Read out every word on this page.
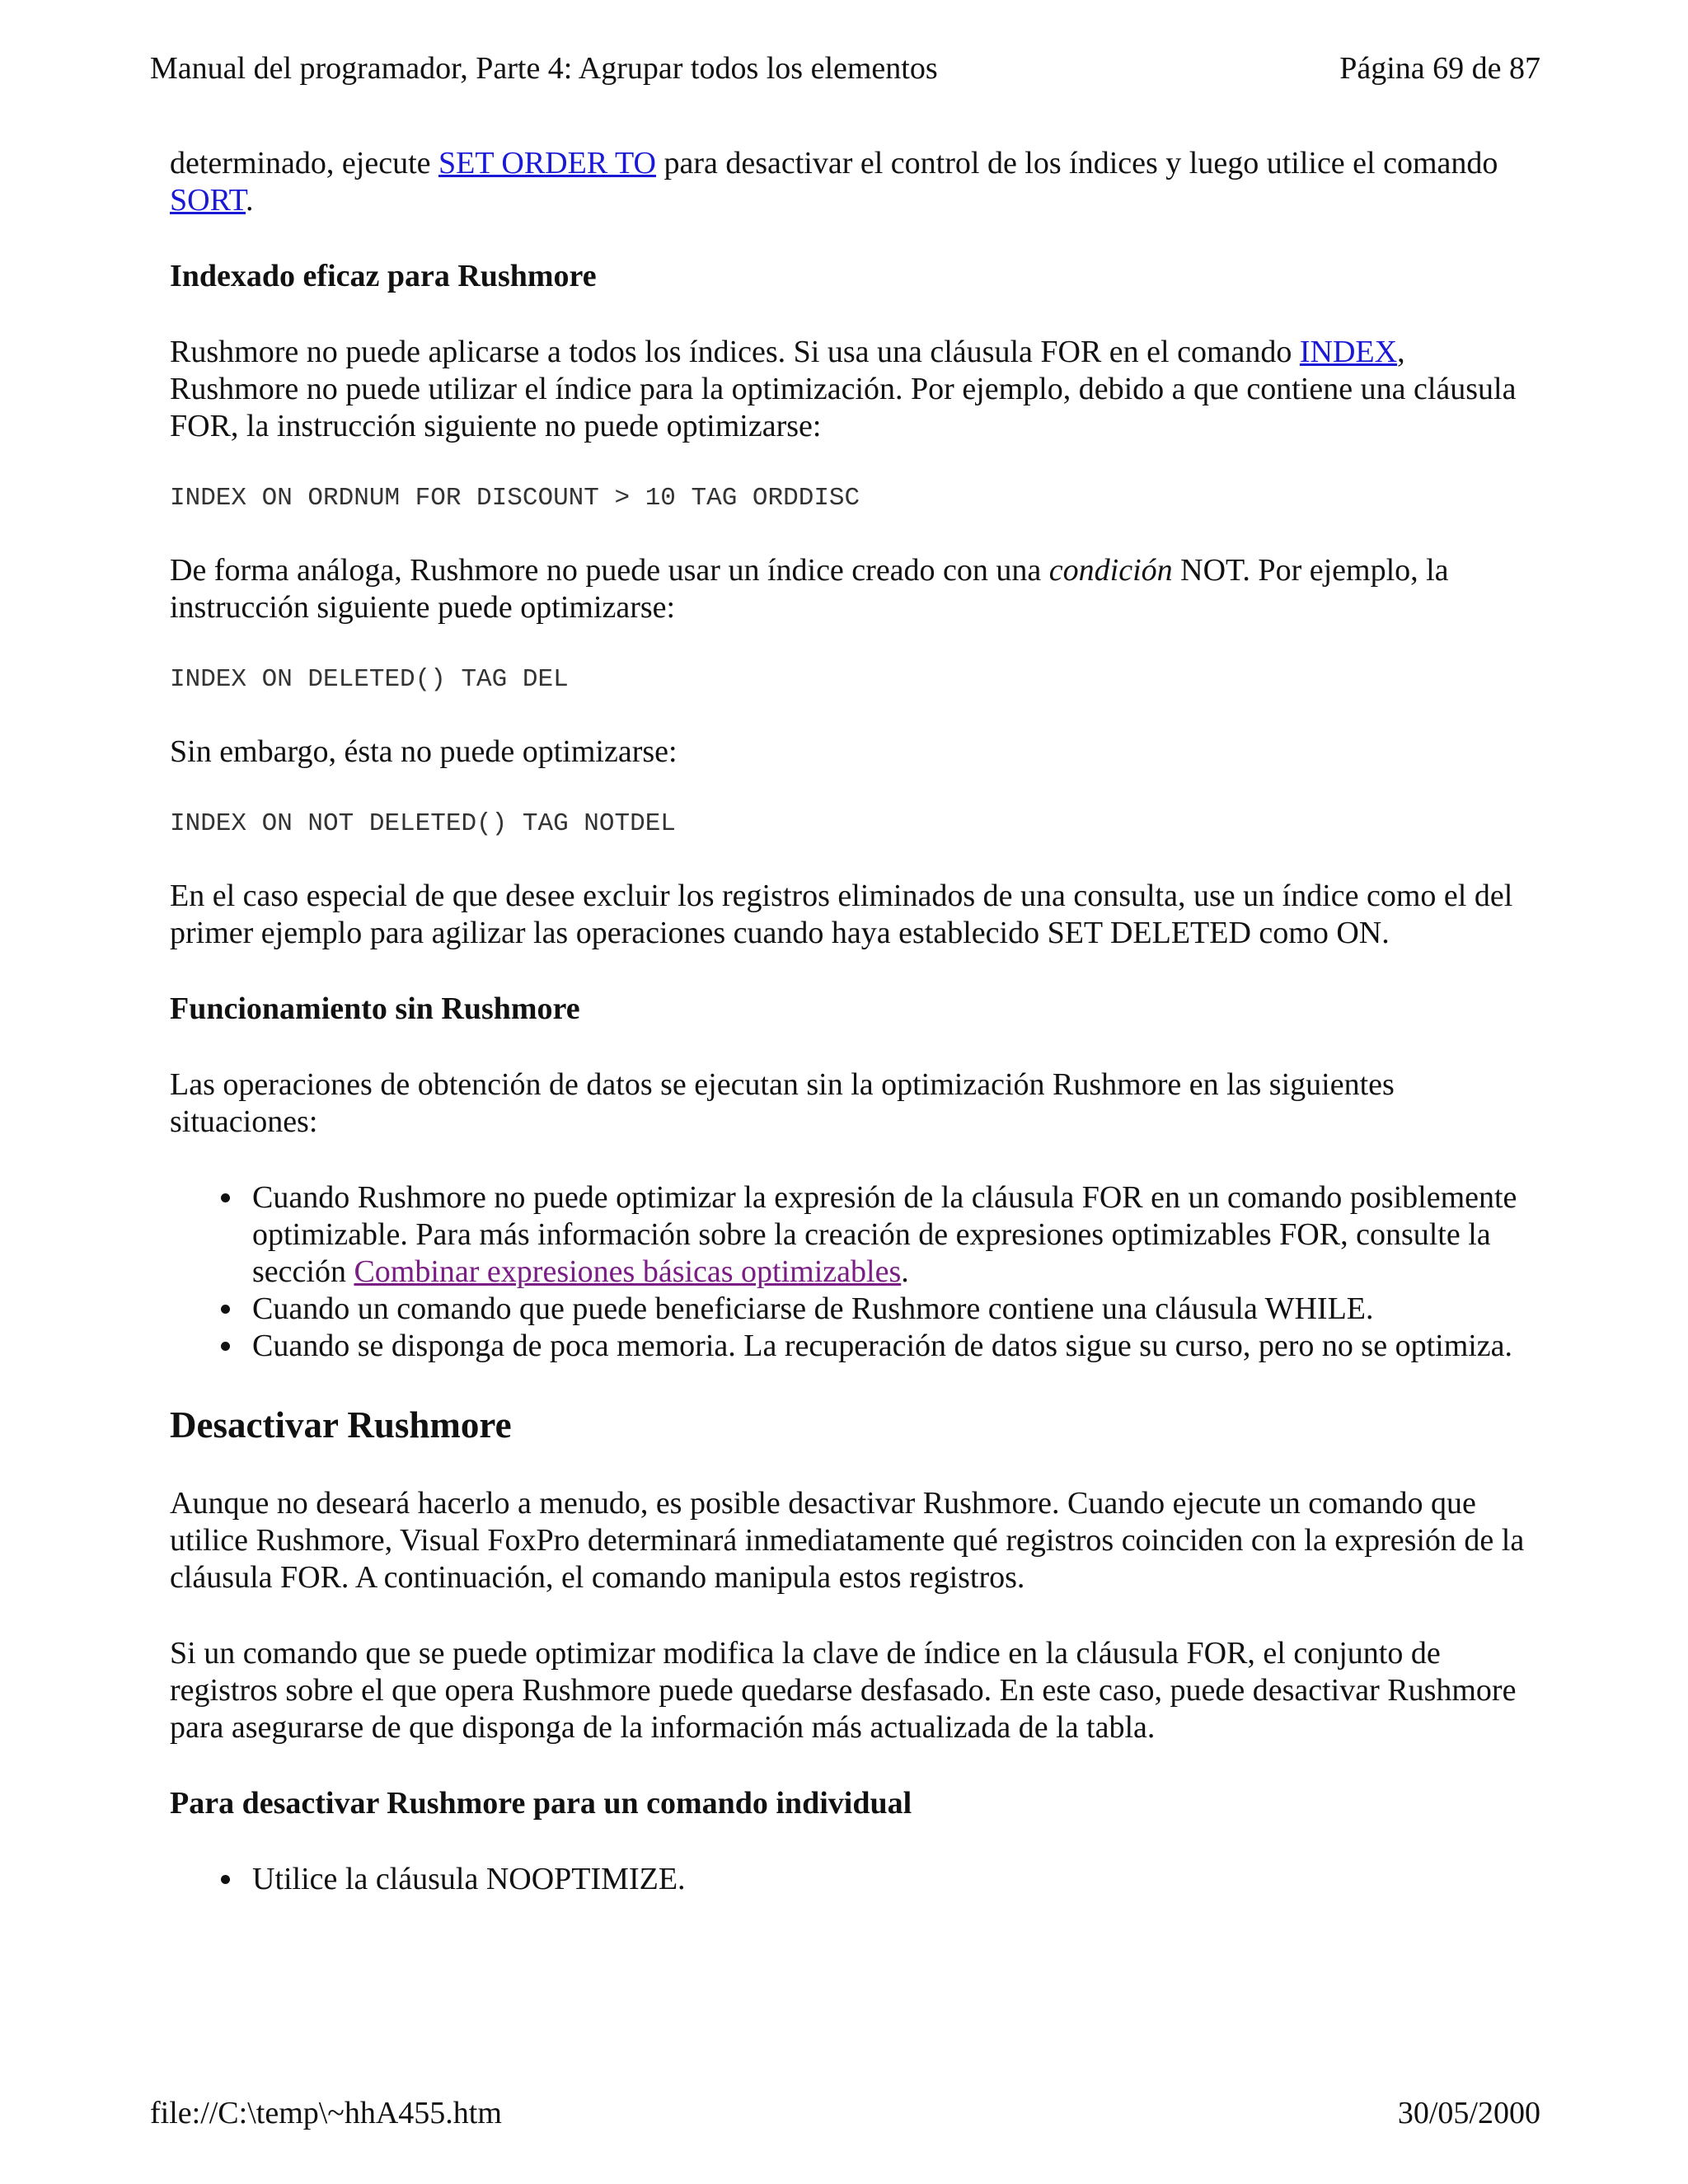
Manual del programador, Parte 4: Agrupar todos los elementos	Página 69 de 87

determinado, ejecute SET ORDER TO para desactivar el control de los índices y luego utilice el comando SORT.

Indexado eficaz para Rushmore

Rushmore no puede aplicarse a todos los índices. Si usa una cláusula FOR en el comando INDEX, Rushmore no puede utilizar el índice para la optimización. Por ejemplo, debido a que contiene una cláusula FOR, la instrucción siguiente no puede optimizarse:

INDEX ON ORDNUM FOR DISCOUNT > 10 TAG ORDDISC

De forma análoga, Rushmore no puede usar un índice creado con una condición NOT. Por ejemplo, la instrucción siguiente puede optimizarse:

INDEX ON DELETED() TAG DEL

Sin embargo, ésta no puede optimizarse:

INDEX ON NOT DELETED() TAG NOTDEL

En el caso especial de que desee excluir los registros eliminados de una consulta, use un índice como el del primer ejemplo para agilizar las operaciones cuando haya establecido SET DELETED como ON.

Funcionamiento sin Rushmore

Las operaciones de obtención de datos se ejecutan sin la optimización Rushmore en las siguientes situaciones:

Cuando Rushmore no puede optimizar la expresión de la cláusula FOR en un comando posiblemente optimizable. Para más información sobre la creación de expresiones optimizables FOR, consulte la sección Combinar expresiones básicas optimizables.
Cuando un comando que puede beneficiarse de Rushmore contiene una cláusula WHILE.
Cuando se disponga de poca memoria. La recuperación de datos sigue su curso, pero no se optimiza.
Desactivar Rushmore

Aunque no deseará hacerlo a menudo, es posible desactivar Rushmore. Cuando ejecute un comando que utilice Rushmore, Visual FoxPro determinará inmediatamente qué registros coinciden con la expresión de la cláusula FOR. A continuación, el comando manipula estos registros.

Si un comando que se puede optimizar modifica la clave de índice en la cláusula FOR, el conjunto de registros sobre el que opera Rushmore puede quedarse desfasado. En este caso, puede desactivar Rushmore para asegurarse de que disponga de la información más actualizada de la tabla.

Para desactivar Rushmore para un comando individual
Utilice la cláusula NOOPTIMIZE.
file://C:\temp\~hhA455.htm	30/05/2000
